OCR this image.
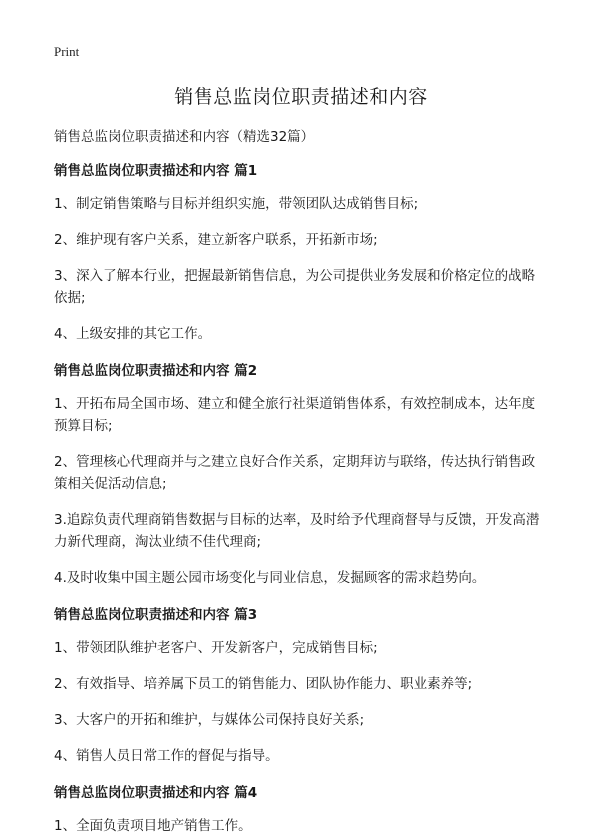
Print
销售总监岗位职责描述和内容

销售总监岗位职责描述和内容（精选32篇）

销售总监岗位职责描述和内容 篇1

1、制定销售策略与目标并组织实施，带领团队达成销售目标;

2、维护现有客户关系，建立新客户联系，开拓新市场;

3、深入了解本行业，把握最新销售信息，为公司提供业务发展和价格定位的战略依据;

4、上级安排的其它工作。

销售总监岗位职责描述和内容 篇2

1、开拓布局全国市场、建立和健全旅行社渠道销售体系，有效控制成本，达年度预算目标;

2、管理核心代理商并与之建立良好合作关系，定期拜访与联络，传达执行销售政策相关促活动信息;

3.追踪负责代理商销售数据与目标的达率，及时给予代理商督导与反馈，开发高潜力新代理商，淘汰业绩不佳代理商;

4.及时收集中国主题公园市场变化与同业信息，发掘顾客的需求趋势向。

销售总监岗位职责描述和内容 篇3

1、带领团队维护老客户、开发新客户，完成销售目标;

2、有效指导、培养属下员工的销售能力、团队协作能力、职业素养等;

3、大客户的开拓和维护，与媒体公司保持良好关系;

4、销售人员日常工作的督促与指导。

销售总监岗位职责描述和内容 篇4

1、全面负责项目地产销售工作。
